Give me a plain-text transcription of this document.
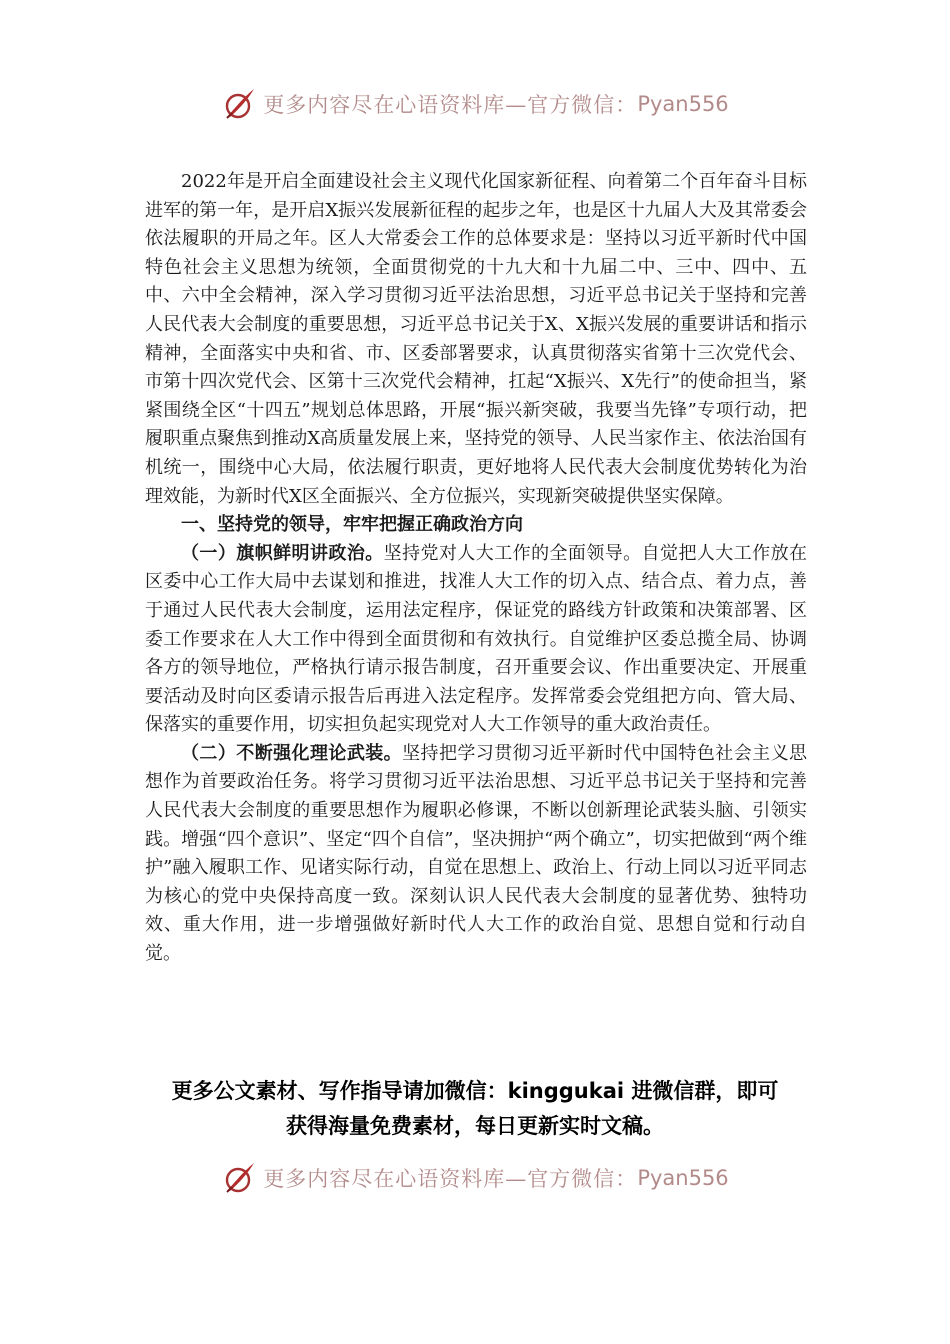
更多内容尽在心语资料库—官方微信： Pyan556

2022年是开启全面建设社会主义现代化国家新征程、向着第二个百年奋斗目标进军的第一年，是开启X振兴发展新征程的起步之年，也是区十九届人大及其常委会依法履职的开局之年。区人大常委会工作的总体要求是：坚持以习近平新时代中国特色社会主义思想为统领，全面贯彻党的十九大和十九届二中、三中、四中、五中、六中全会精神，深入学习贯彻习近平法治思想，习近平总书记关于坚持和完善人民代表大会制度的重要思想，习近平总书记关于X、X振兴发展的重要讲话和指示精神，全面落实中央和省、市、区委部署要求，认真贯彻落实省第十三次党代会、市第十四次党代会、区第十三次党代会精神，扛起“X振兴、X先行”的使命担当，紧紧围绕全区“十四五”规划总体思路，开展“振兴新突破，我要当先锋”专项行动，把履职重点聚焦到推动X高质量发展上来，坚持党的领导、人民当家作主、依法治国有机统一，围绕中心大局，依法履行职责，更好地将人民代表大会制度优势转化为治理效能，为新时代X区全面振兴、全方位振兴，实现新突破提供坚实保障。

一、坚持党的领导，牢牢把握正确政治方向

（一）旗帜鲜明讲政治。坚持党对人大工作的全面领导。自觉把人大工作放在区委中心工作大局中去谋划和推进，找准人大工作的切入点、结合点、着力点，善于通过人民代表大会制度，运用法定程序，保证党的路线方针政策和决策部署、区委工作要求在人大工作中得到全面贯彻和有效执行。自觉维护区委总揽全局、协调各方的领导地位，严格执行请示报告制度，召开重要会议、作出重要决定、开展重要活动及时向区委请示报告后再进入法定程序。发挥常委会党组把方向、管大局、保落实的重要作用，切实担负起实现党对人大工作领导的重大政治责任。

（二）不断强化理论武装。坚持把学习贯彻习近平新时代中国特色社会主义思想作为首要政治任务。将学习贯彻习近平法治思想、习近平总书记关于坚持和完善人民代表大会制度的重要思想作为履职必修课，不断以创新理论武装头脑、引领实践。增强“四个意识”、坚定“四个自信”，坚决拥护“两个确立”，切实把做到“两个维护”融入履职工作、见诸实际行动，自觉在思想上、政治上、行动上同以习近平同志为核心的党中央保持高度一致。深刻认识人民代表大会制度的显著优势、独特功效、重大作用，进一步增强做好新时代人大工作的政治自觉、思想自觉和行动自觉。

更多公文素材、写作指导请加微信：kinggukai 进微信群，即可
获得海量免费素材，每日更新实时文稿。
更多内容尽在心语资料库—官方微信： Pyan556
